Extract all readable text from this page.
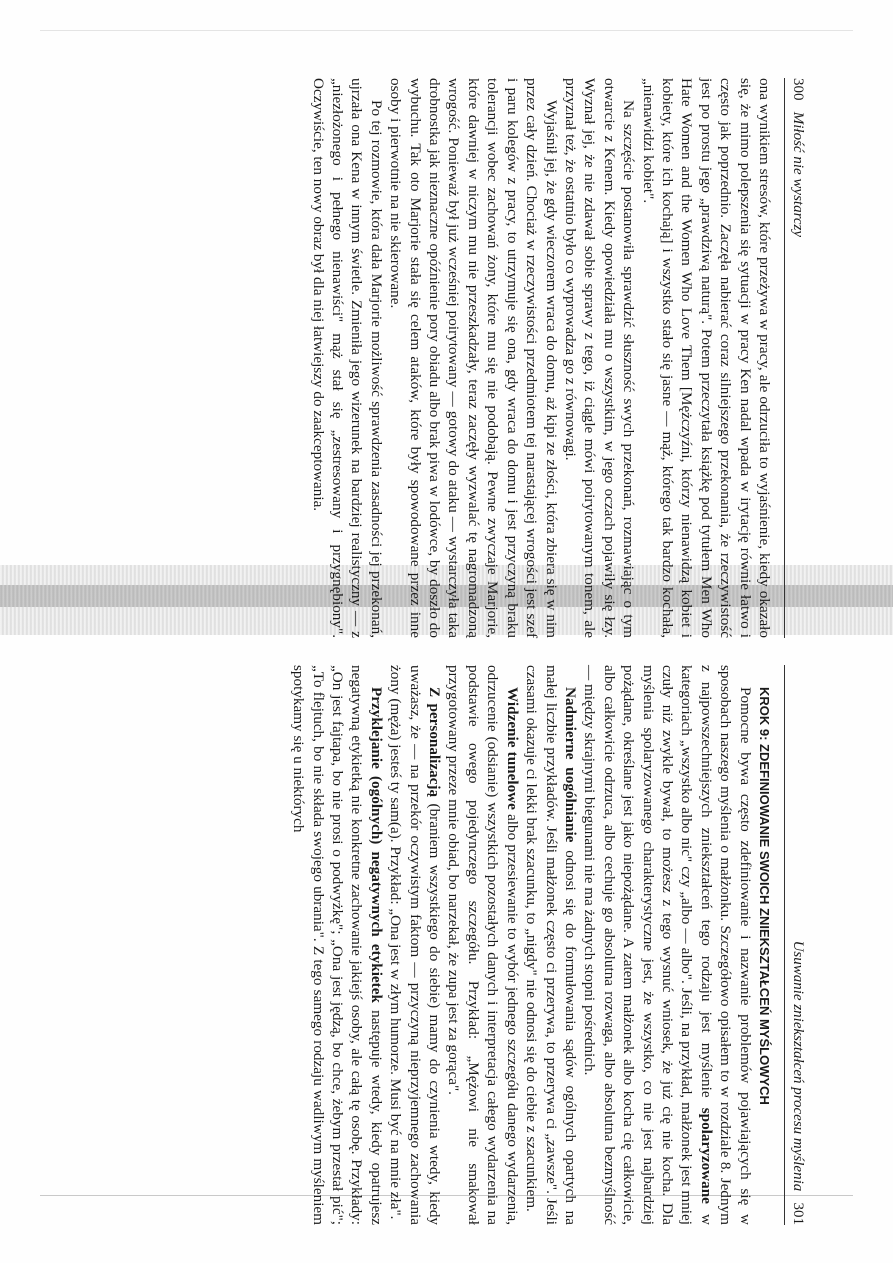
300   Miłość nie wystarczy

ona wynikiem stresów, które przeżywa w pracy, ale odrzuciła to wyjaśnienie, kiedy okazało się, że mimo polepszenia się sytuacji w pracy Ken nadal wpada w irytację równie łatwo i często jak poprzednio. Zaczęła nabierać coraz silniejszego przekonania, że rzeczywistość jest po prostu jego „prawdziwą naturą". Potem przeczytała książkę pod tytułem Men Who Hate Women and the Women Who Love Them [Mężczyźni, którzy nienawidzą kobiet i kobiety, które ich kochają] i wszystko stało się jasne — mąż, którego tak bardzo kochała, „nienawidzi kobiet".

Na szczęście postanowiła sprawdzić słuszność swych przekonań, rozmawiając o tym otwarcie z Kenem. Kiedy opowiedziała mu o wszystkim, w jego oczach pojawiły się łzy. Wyznał jej, że nie zdawał sobie sprawy z tego, iż ciągle mówi poirytowanym tonem, ale przyznał też, że ostatnio było co wyprowadza go z równowagi.

Wyjaśnił jej, że gdy wieczorem wraca do domu, aż kipi ze złości, która zbiera się w nim przez cały dzień. Chociaż w rzeczywistości przedmiotem tej narastającej wrogości jest szef i paru kolegów z pracy, to utrzymuje się ona, gdy wraca do domu i jest przyczyną braku tolerancji wobec zachowań żony, które mu się nie podobają. Pewne zwyczaje Marjorie, które dawniej w niczym mu nie przeszkadzały, teraz zaczęły wyzwalać tę nagromadzoną wrogość. Ponieważ był już wcześniej poirytowany — gotowy do ataku — wystarczyła taka drobnostka jak nieznaczne opóźnienie pory obiadu albo brak piwa w lodówce, by doszło do wybuchu. Tak oto Marjorie stała się celem ataków, które były spowodowane przez inne osoby i pierwotnie na nie skierowane.

Po tej rozmowie, która dała Marjorie możliwość sprawdzenia zasadności jej przekonań, ujrzała ona Kena w innym świetle. Zmieniła jego wizerunek na bardziej realistyczny — z „niezłożonego i pełnego nienawiści" mąż stał się „zestresowany i przygnębiony". Oczywiście, ten nowy obraz był dla niej łatwiejszy do zaakceptowania.

Usuwanie zniekształceń procesu myślenia   301

KROK 9: ZDEFINIOWANIE SWOICH ZNIEKSZTAŁCEŃ MYŚLOWYCH

Pomocne bywa często zdefiniowanie i nazwanie problemów pojawiających się w sposobach naszego myślenia o małżonku. Szczegółowo opisałem to w rozdziale 8. Jednym z najpowszechniejszych zniekształceń tego rodzaju jest myślenie spolaryzowane w kategoriach „wszystko albo nic" czy „albo — albo". Jeśli, na przykład, małżonek jest mniej czuły niż zwykle bywał, to możesz z tego wysnuć wniosek, że już cię nie kocha. Dla myślenia spolaryzowanego charakterystyczne jest, że wszystko, co nie jest najbardziej pożądane, określane jest jako niepożądane. A zatem małżonek albo kocha cię całkowicie, albo całkowicie odrzuca, albo cechuje go absolutna rozwaga, albo absolutna bezmyślność — między skrajnymi biegunami nie ma żadnych stopni pośrednich.

Nadmierne uogólnianie odnosi się do formułowania sądów ogólnych opartych na małej liczbie przykładów. Jeśli małżonek często ci przerywa, to przerywa ci „zawsze". Jeśli czasami okazuje ci lekki brak szacunku, to „nigdy" nie odnosi się do ciebie z szacunkiem.

Widzenie tunelowe albo przesiewanie to wybór jednego szczegółu danego wydarzenia, odrzucenie (odsianie) wszystkich pozostałych danych i interpretacja całego wydarzenia na podstawie owego pojedynczego szczegółu. Przykład: „Mężowi nie smakował przygotowany przeze mnie obiad, bo narzekał, że zupa jest za gorąca".

Z personalizacją (braniem wszystkiego do siebie) mamy do czynienia wtedy, kiedy uważasz, że — na przekór oczywistym faktom — przyczyną nieprzyjemnego zachowania żony (męża) jesteś ty sam(a). Przykład: „Ona jest w złym humorze. Musi być na mnie zła".

Przyklejanie (ogólnych) negatywnych etykietek następuje wtedy, kiedy opatrujesz negatywną etykietką nie konkretne zachowanie jakiejś osoby, ale całą tę osobę. Przykłady: „On jest fajtapa, bo nie prosi o podwyżkę"; „Ona jest jędzą, bo chce, żebym przestał pić"; „To flejtuch, bo nie składa swojego ubrania". Z tego samego rodzaju wadliwym myśleniem spotykamy się u niektórych
